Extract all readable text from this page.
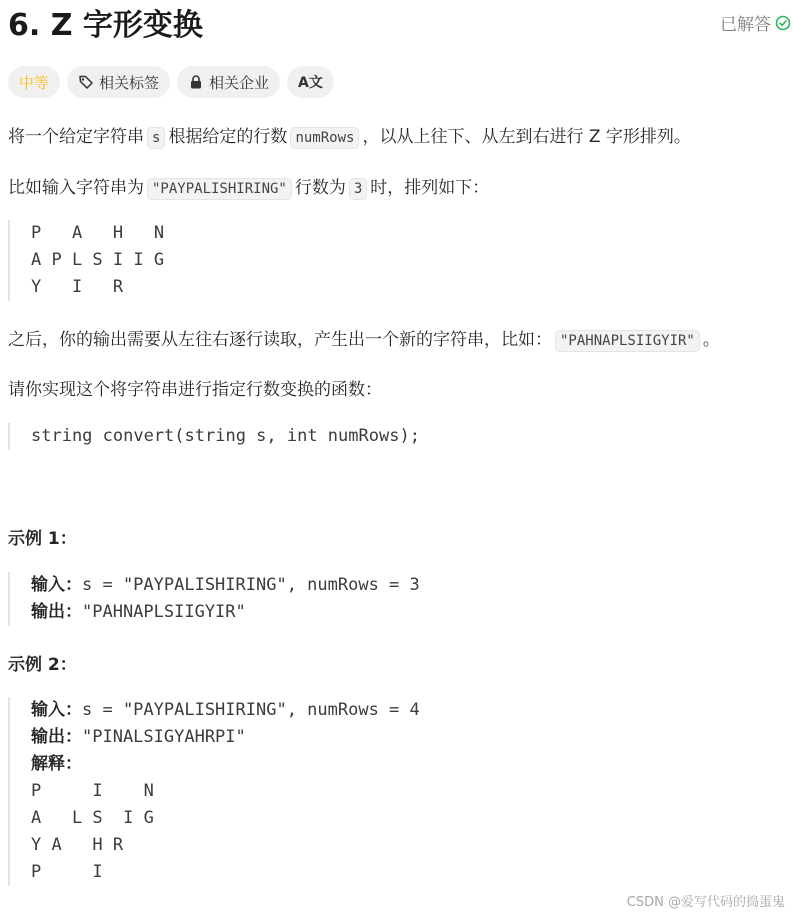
6. Z 字形变换	已解答
中等	相关标签	相关企业 A文
将一个给定字符串 s 根据给定的行数 numRows ，以从上往下、从左到右进行 Z 字形排列。
比如输入字符串为 "PAYPALISHIRING" 行数为 3 时，排列如下：
P   A   H   N
A P L S I I G
Y   I   R
之后，你的输出需要从左往右逐行读取，产生出一个新的字符串，比如： "PAHNAPLSIIGYIR" 。
请你实现这个将字符串进行指定行数变换的函数：
string convert(string s, int numRows);
示例 1：
输入：s = "PAYPALISHIRING", numRows = 3
输出："PAHNAPLSIIGYIR"
示例 2：
输入：s = "PAYPALISHIRING", numRows = 4
输出："PINALSIGYAHRPI"
解释：
P     I    N
A   L S  I G
Y A   H R
P     I
CSDN @爱写代码的捣蛋鬼
